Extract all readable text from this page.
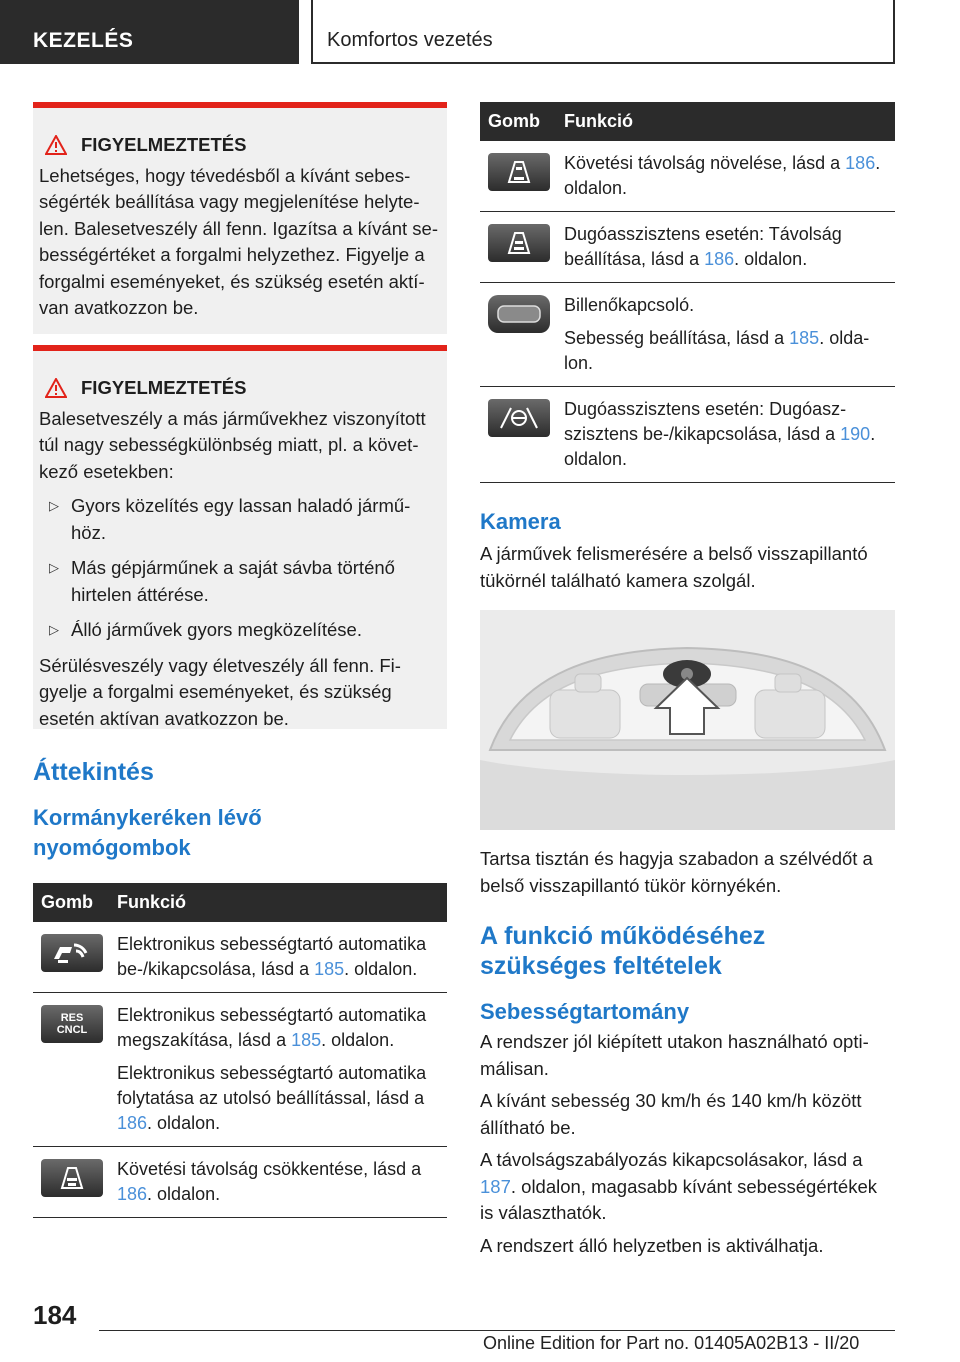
KEZELÉS	Komfortos vezetés
FIGYELMEZTETÉS

Lehetséges, hogy tévedésből a kívánt sebességérték beállítása vagy megjelenítése helytelen. Balesetveszély áll fenn. Igazítsa a kívánt sebességértéket a forgalmi helyzethez. Figyelje a forgalmi eseményeket, és szükség esetén aktívan avatkozzon be.

FIGYELMEZTETÉS

Balesetveszély a más járművekhez viszonyított túl nagy sebességkülönbség miatt, pl. a következő esetekben:

▷ Gyors közelítés egy lassan haladó járműhöz.
▷ Más gépjárműnek a saját sávba történő hirtelen áttérése.
▷ Álló járművek gyors megközelítése.

Sérülésveszély vagy életveszély áll fenn. Figyelje a forgalmi eseményeket, és szükség esetén aktívan avatkozzon be.

Áttekintés
Kormánykeréken lévő nyomógombok
Gomb	Funkció

	Elektronikus sebességtartó automatika be-/kikapcsolása, lásd a 185. oldalon.

RES CNCL	Elektronikus sebességtartó automatika megszakítása, lásd a 185. oldalon.

Elektronikus sebességtartó automatika folytatása az utolsó beállítással, lásd a 186. oldalon.

	Követési távolság csökkentése, lásd a 186. oldalon.
Gomb	Funkció

	Követési távolság növelése, lásd a 186. oldalon.

	Dugóasszisztens esetén: Távolság beállítása, lásd a 186. oldalon.

Billenőkapcsoló.

Sebesség beállítása, lásd a 185. oldalon.

	Dugóasszisztens esetén: Dugóaszszisztens be-/kikapcsolása, lásd a 190. oldalon.
Kamera

A járművek felismerésére a belső visszapillantó tükörnél található kamera szolgál.

Tartsa tisztán és hagyja szabadon a szélvédőt a belső visszapillantó tükör környékén.

A funkció működéséhez szükséges feltételek
Sebességtartomány

A rendszer jól kiépített utakon használható optimálisan.

A kívánt sebesség 30 km/h és 140 km/h között állítható be.

A távolságszabályozás kikapcsolásakor, lásd a 187. oldalon, magasabb kívánt sebességértékek is választhatók.

A rendszert álló helyzetben is aktiválhatja.

184
Online Edition for Part no. 01405A02B13 - II/20
